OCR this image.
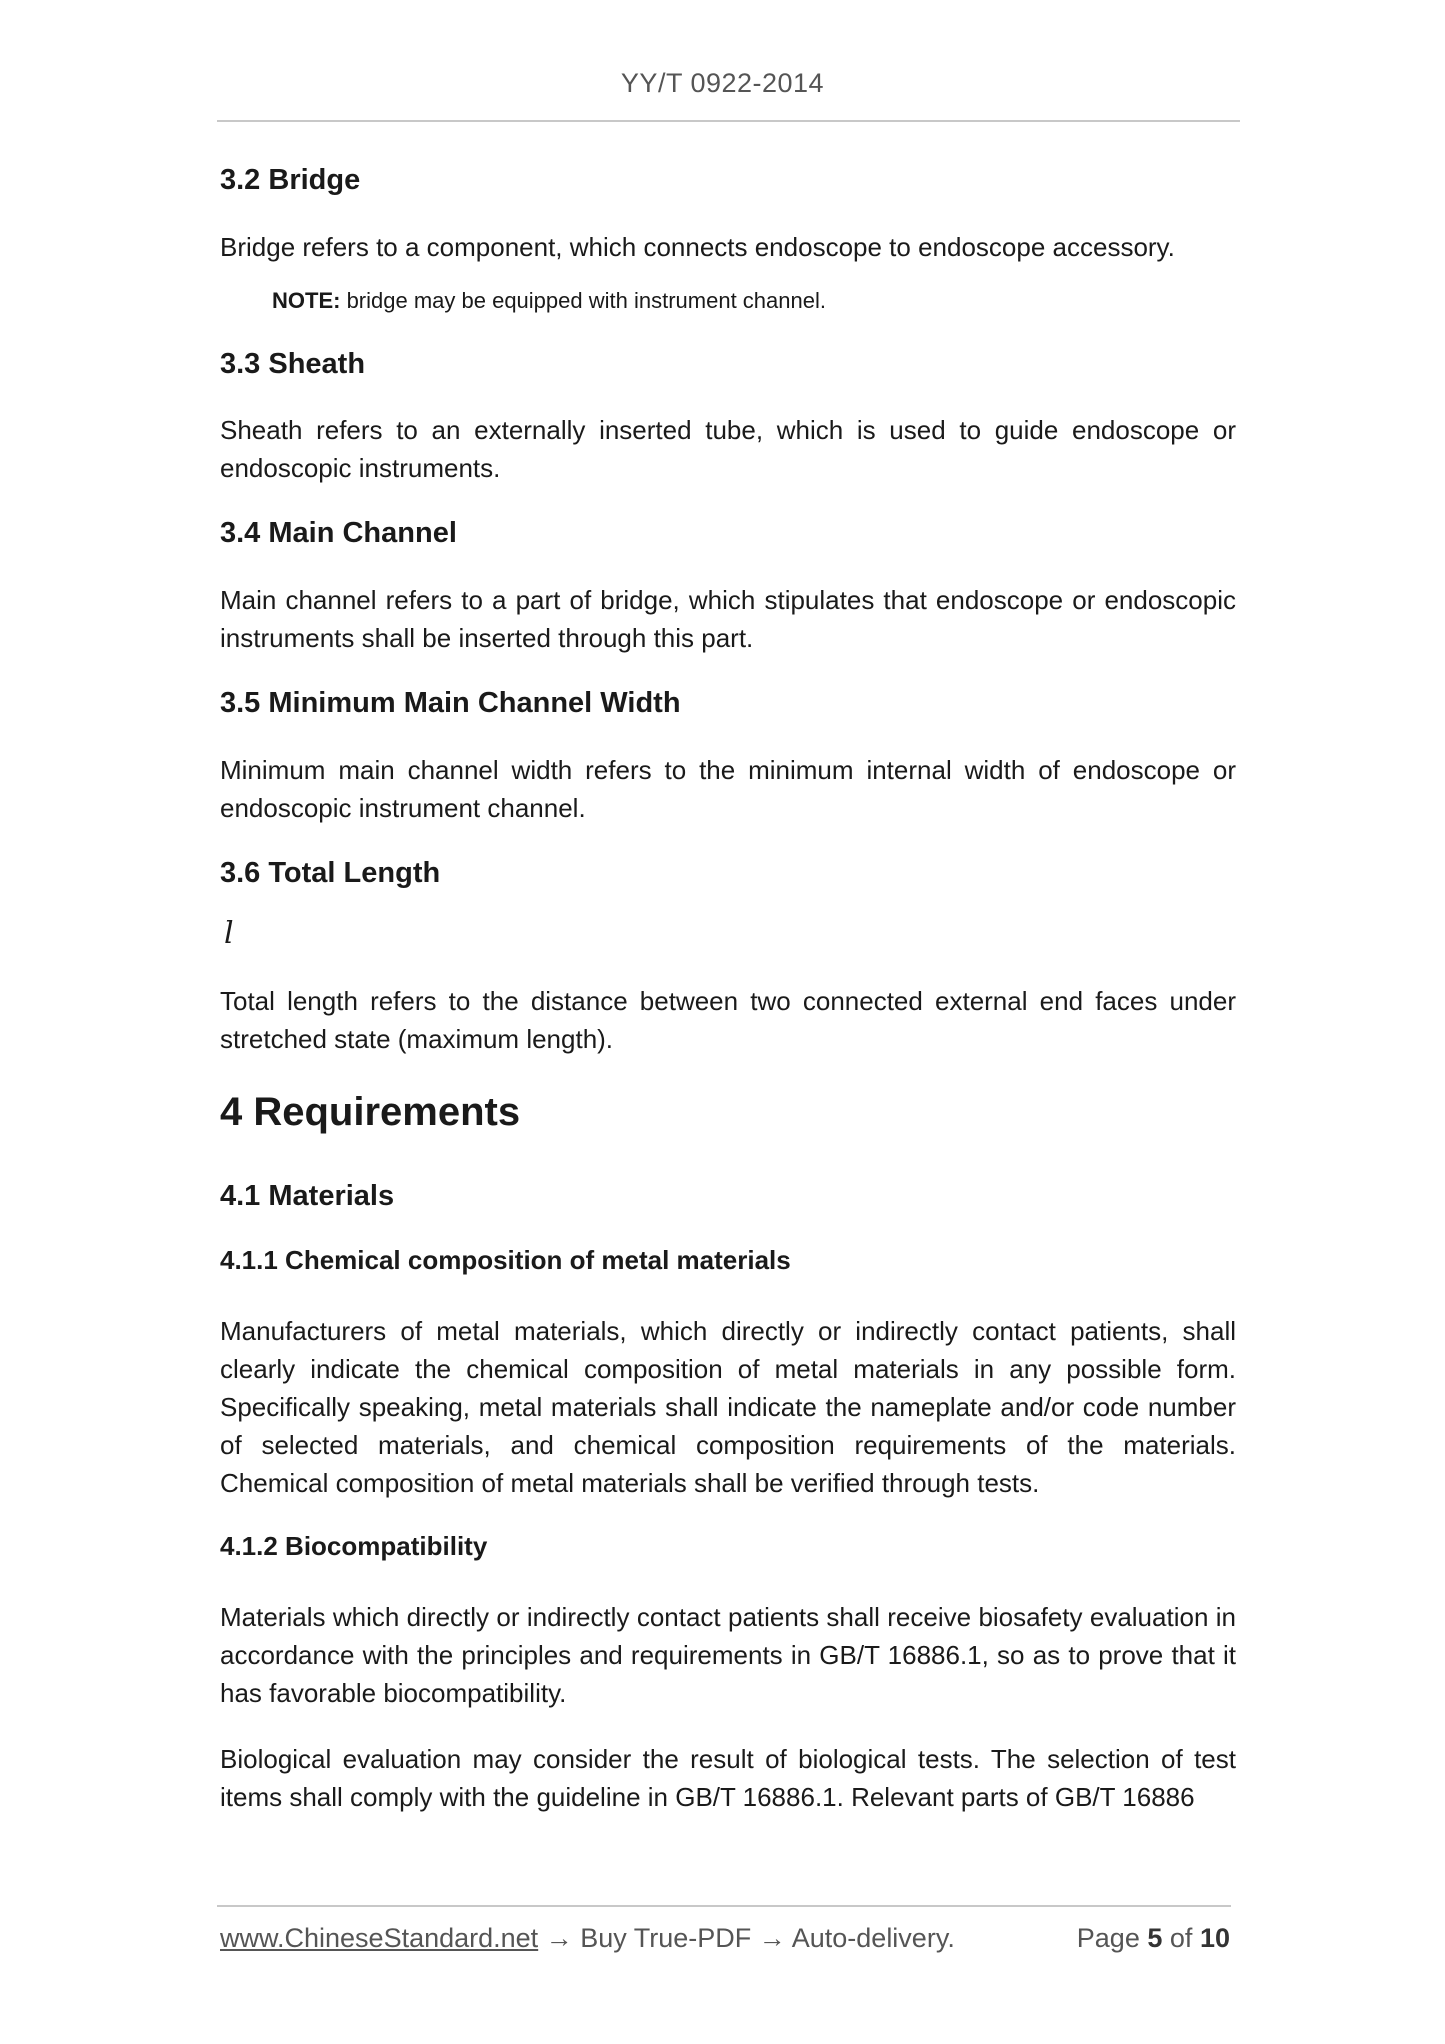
YY/T 0922-2014
3.2 Bridge
Bridge refers to a component, which connects endoscope to endoscope accessory.
NOTE: bridge may be equipped with instrument channel.
3.3 Sheath
Sheath refers to an externally inserted tube, which is used to guide endoscope or endoscopic instruments.
3.4 Main Channel
Main channel refers to a part of bridge, which stipulates that endoscope or endoscopic instruments shall be inserted through this part.
3.5 Minimum Main Channel Width
Minimum main channel width refers to the minimum internal width of endoscope or endoscopic instrument channel.
3.6 Total Length
l
Total length refers to the distance between two connected external end faces under stretched state (maximum length).
4 Requirements
4.1 Materials
4.1.1 Chemical composition of metal materials
Manufacturers of metal materials, which directly or indirectly contact patients, shall clearly indicate the chemical composition of metal materials in any possible form. Specifically speaking, metal materials shall indicate the nameplate and/or code number of selected materials, and chemical composition requirements of the materials. Chemical composition of metal materials shall be verified through tests.
4.1.2 Biocompatibility
Materials which directly or indirectly contact patients shall receive biosafety evaluation in accordance with the principles and requirements in GB/T 16886.1, so as to prove that it has favorable biocompatibility.
Biological evaluation may consider the result of biological tests. The selection of test items shall comply with the guideline in GB/T 16886.1. Relevant parts of GB/T 16886
www.ChineseStandard.net → Buy True-PDF → Auto-delivery.	Page 5 of 10
